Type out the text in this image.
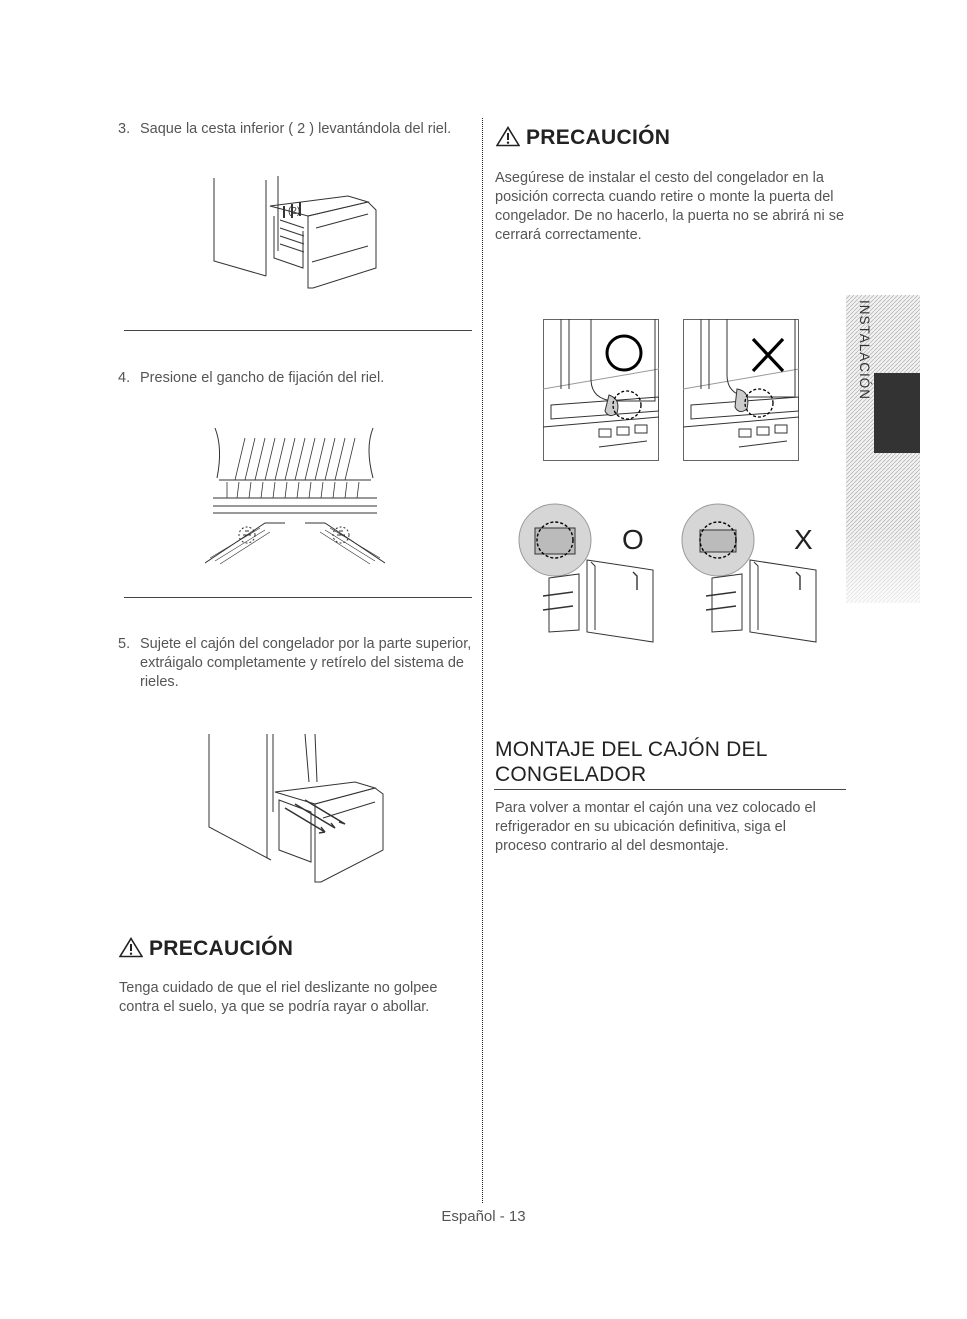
3. Saque la cesta inferior ( 2 ) levantándola del riel.
(2)
4. Presione el gancho de fijación del riel.
5. Sujete el cajón del congelador por la parte superior, extráigalo completamente y retírelo del sistema de rieles.
PRECAUCIÓN
Tenga cuidado de que el riel deslizante no golpee contra el suelo, ya que se podría rayar o abollar.
PRECAUCIÓN
Asegúrese de instalar el cesto del congelador en la posición correcta cuando retire o monte la puerta del congelador. De no hacerlo, la puerta no se abrirá ni se cerrará correctamente.
O	X
MONTAJE DEL CAJÓN DEL
CONGELADOR
Para volver a montar el cajón una vez colocado el refrigerador en su ubicación definitiva, siga el proceso contrario al del desmontaje.
INSTALACIÓN
Español - 13
